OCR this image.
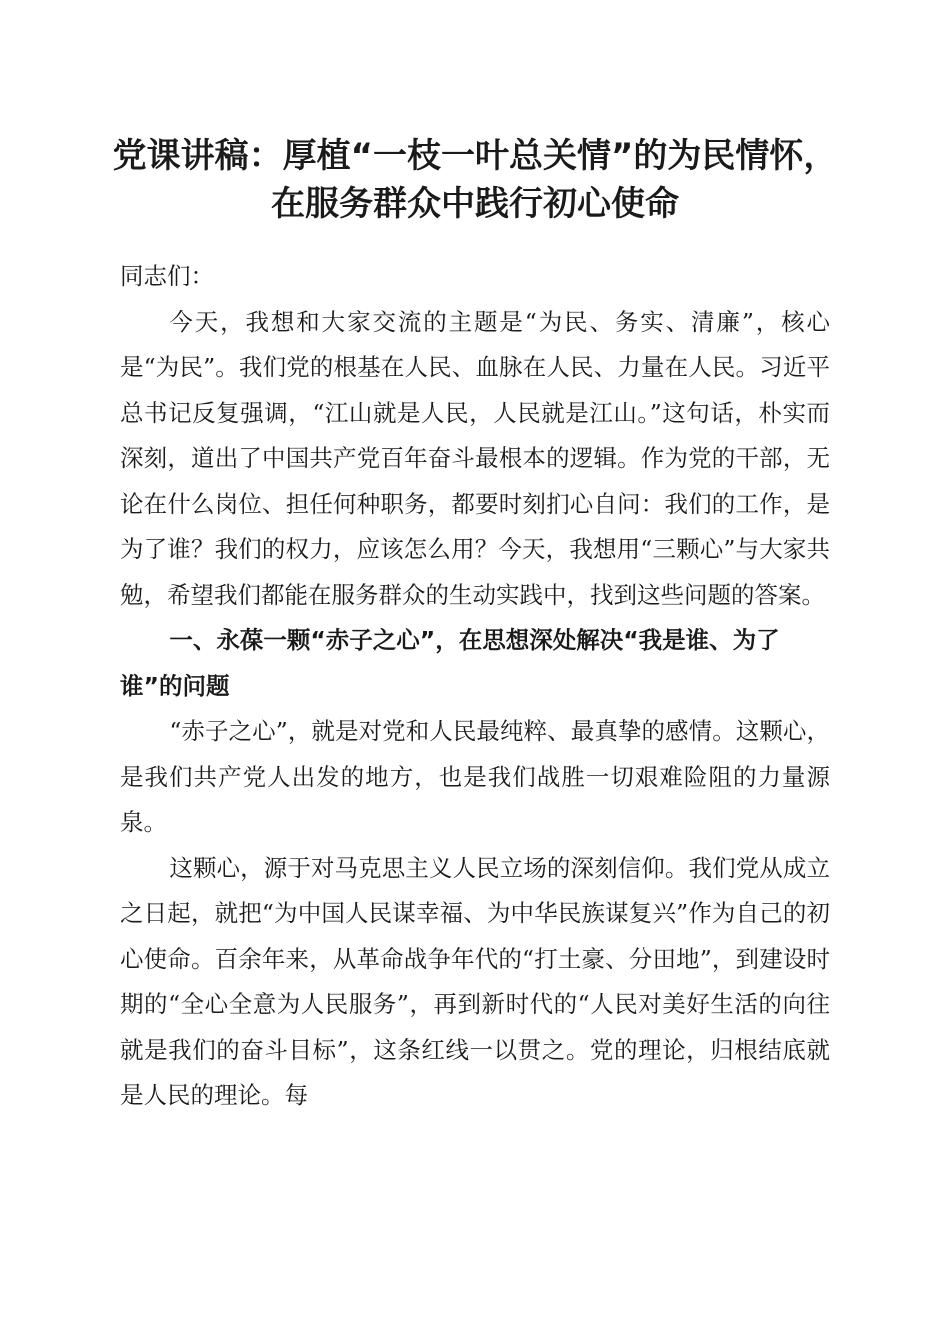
党课讲稿：厚植“一枝一叶总关情”的为民情怀，在服务群众中践行初心使命

同志们：

今天，我想和大家交流的主题是“为民、务实、清廉”，核心是“为民”。我们党的根基在人民、血脉在人民、力量在人民。习近平总书记反复强调，“江山就是人民，人民就是江山。”这句话，朴实而深刻，道出了中国共产党百年奋斗最根本的逻辑。作为党的干部，无论在什么岗位、担任何种职务，都要时刻扪心自问：我们的工作，是为了谁？我们的权力，应该怎么用？今天，我想用“三颗心”与大家共勉，希望我们都能在服务群众的生动实践中，找到这些问题的答案。

一、永葆一颗“赤子之心”，在思想深处解决“我是谁、为了谁”的问题

“赤子之心”，就是对党和人民最纯粹、最真挚的感情。这颗心，是我们共产党人出发的地方，也是我们战胜一切艰难险阻的力量源泉。

这颗心，源于对马克思主义人民立场的深刻信仰。我们党从成立之日起，就把“为中国人民谋幸福、为中华民族谋复兴”作为自己的初心使命。百余年来，从革命战争年代的“打土豪、分田地”，到建设时期的“全心全意为人民服务”，再到新时代的“人民对美好生活的向往就是我们的奋斗目标”，这条红线一以贯之。党的理论，归根结底就是人民的理论。每
